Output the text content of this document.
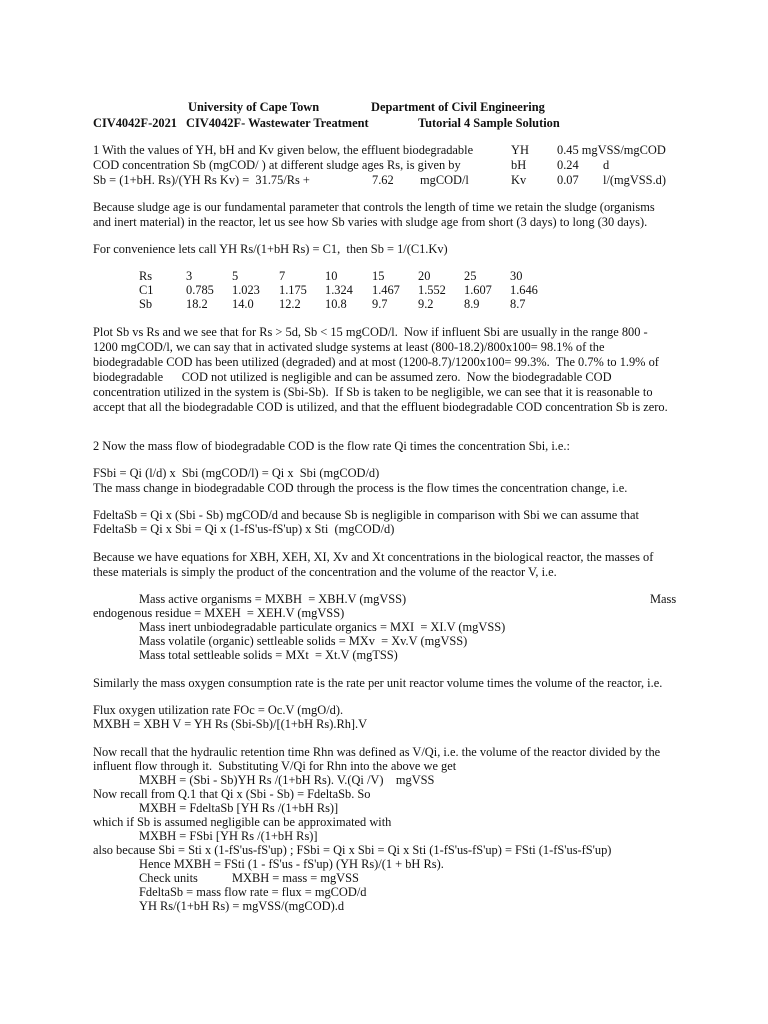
University of Cape Town	Department of Civil Engineering
CIV4042F-2021 CIV4042F- Wastewater Treatment	Tutorial 4 Sample Solution
1 With the values of YH, bH and Kv given below, the effluent biodegradable
COD concentration Sb (mgCOD/ ) at different sludge ages Rs, is given by
Sb = (1+bH. Rs)/(YH Rs Kv) =  31.75/Rs +	7.62 mgCOD/l
YH 0.45 mgVSS/mgCOD
bH 0.24 d
Kv 0.07 l/(mgVSS.d)
Because sludge age is our fundamental parameter that controls the length of time we retain the sludge (organisms
and inert material) in the reactor, let us see how Sb varies with sludge age from short (3 days) to long (30 days).
For convenience lets call YH Rs/(1+bH Rs) = C1,  then Sb = 1/(C1.Kv)
Rs	3	5	7	10	15	20	25	30
C1	0.785 1.023 1.175 1.324 1.467 1.552 1.607 1.646
Sb	18.2 14.0 12.2 10.8 9.7 9.2 8.9 8.7
Plot Sb vs Rs and we see that for Rs > 5d, Sb < 15 mgCOD/l.  Now if influent Sbi are usually in the range 800 -
1200 mgCOD/l, we can say that in activated sludge systems at least (800-18.2)/800x100= 98.1% of the
biodegradable COD has been utilized (degraded) and at most (1200-8.7)/1200x100= 99.3%.  The 0.7% to 1.9% of
biodegradable      COD not utilized is negligible and can be assumed zero.  Now the biodegradable COD
concentration utilized in the system is (Sbi-Sb).  If Sb is taken to be negligible, we can see that it is reasonable to
accept that all the biodegradable COD is utilized, and that the effluent biodegradable COD concentration Sb is zero.
2 Now the mass flow of biodegradable COD is the flow rate Qi times the concentration Sbi, i.e.:
FSbi = Qi (l/d) x  Sbi (mgCOD/l) = Qi x  Sbi (mgCOD/d)
The mass change in biodegradable COD through the process is the flow times the concentration change, i.e.
FdeltaSb = Qi x (Sbi - Sb) mgCOD/d and because Sb is negligible in comparison with Sbi we can assume that
FdeltaSb = Qi x Sbi = Qi x (1-fS'us-fS'up) x Sti  (mgCOD/d)
Because we have equations for XBH, XEH, XI, Xv and Xt concentrations in the biological reactor, the masses of
these materials is simply the product of the concentration and the volume of the reactor V, i.e.
Mass active organisms = MXBH  = XBH.V (mgVSS)	Mass
endogenous residue = MXEH  = XEH.V (mgVSS)
Mass inert unbiodegradable particulate organics = MXI  = XI.V (mgVSS)
Mass volatile (organic) settleable solids = MXv  = Xv.V (mgVSS)
Mass total settleable solids = MXt  = Xt.V (mgTSS)
Similarly the mass oxygen consumption rate is the rate per unit reactor volume times the volume of the reactor, i.e.
Flux oxygen utilization rate FOc = Oc.V (mgO/d).
MXBH = XBH V = YH Rs (Sbi-Sb)/[(1+bH Rs).Rh].V
Now recall that the hydraulic retention time Rhn was defined as V/Qi, i.e. the volume of the reactor divided by the
influent flow through it.  Substituting V/Qi for Rhn into the above we get
MXBH = (Sbi - Sb)YH Rs /(1+bH Rs). V.(Qi /V)    mgVSS
Now recall from Q.1 that Qi x (Sbi - Sb) = FdeltaSb. So
MXBH = FdeltaSb [YH Rs /(1+bH Rs)]
which if Sb is assumed negligible can be approximated with
MXBH = FSbi [YH Rs /(1+bH Rs)]
also because Sbi = Sti x (1-fS'us-fS'up) ; FSbi = Qi x Sbi = Qi x Sti (1-fS'us-fS'up) = FSti (1-fS'us-fS'up)
Hence MXBH = FSti (1 - fS'us - fS'up) (YH Rs)/(1 + bH Rs).
Check units	MXBH = mass = mgVSS
FdeltaSb = mass flow rate = flux = mgCOD/d
YH Rs/(1+bH Rs) = mgVSS/(mgCOD).d
